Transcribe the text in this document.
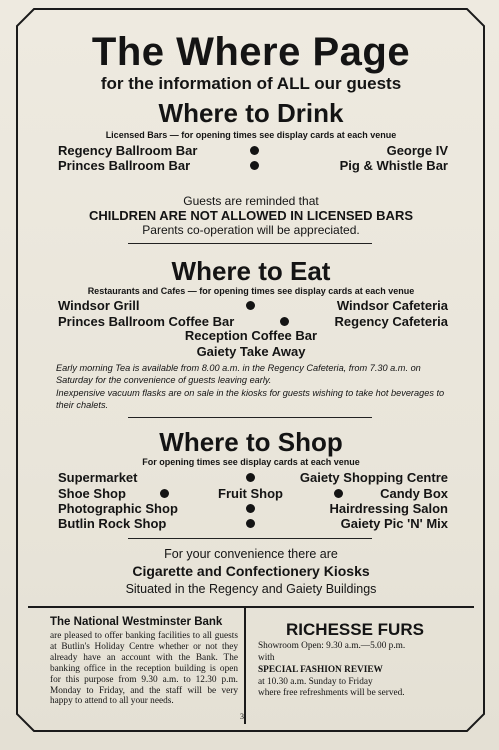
The Where Page
for the information of ALL our guests
Where to Drink
Licensed Bars — for opening times see display cards at each venue
Regency Ballroom Bar	George IV
Princes Ballroom Bar	Pig & Whistle Bar
Guests are reminded that
CHILDREN ARE NOT ALLOWED IN LICENSED BARS
Parents co-operation will be appreciated.
Where to Eat
Restaurants and Cafes — for opening times see display cards at each venue
Windsor Grill	Windsor Cafeteria
Princes Ballroom Coffee Bar	Regency Cafeteria
Reception Coffee Bar
Gaiety Take Away
Early morning Tea is available from 8.00 a.m. in the Regency Cafeteria, from 7.30 a.m. on Saturday for the convenience of guests leaving early.
Inexpensive vacuum flasks are on sale in the kiosks for guests wishing to take hot beverages to their chalets.
Where to Shop
For opening times see display cards at each venue
Supermarket	Gaiety Shopping Centre
Shoe Shop	Fruit Shop	Candy Box
Photographic Shop	Hairdressing Salon
Butlin Rock Shop	Gaiety Pic 'N' Mix
For your convenience there are
Cigarette and Confectionery Kiosks
Situated in the Regency and Gaiety Buildings
The National Westminster Bank
are pleased to offer banking facilities to all guests at Butlin's Holiday Centre whether or not they already have an account with the Bank. The banking office in the reception building is open for this purpose from 9.30 a.m. to 12.30 p.m. Monday to Friday, and the staff will be very happy to attend to all your needs.
RICHESSE FURS
Showroom Open: 9.30 a.m.—5.00 p.m.
with
SPECIAL FASHION REVIEW
at 10.30 a.m. Sunday to Friday
where free refreshments will be served.
3
